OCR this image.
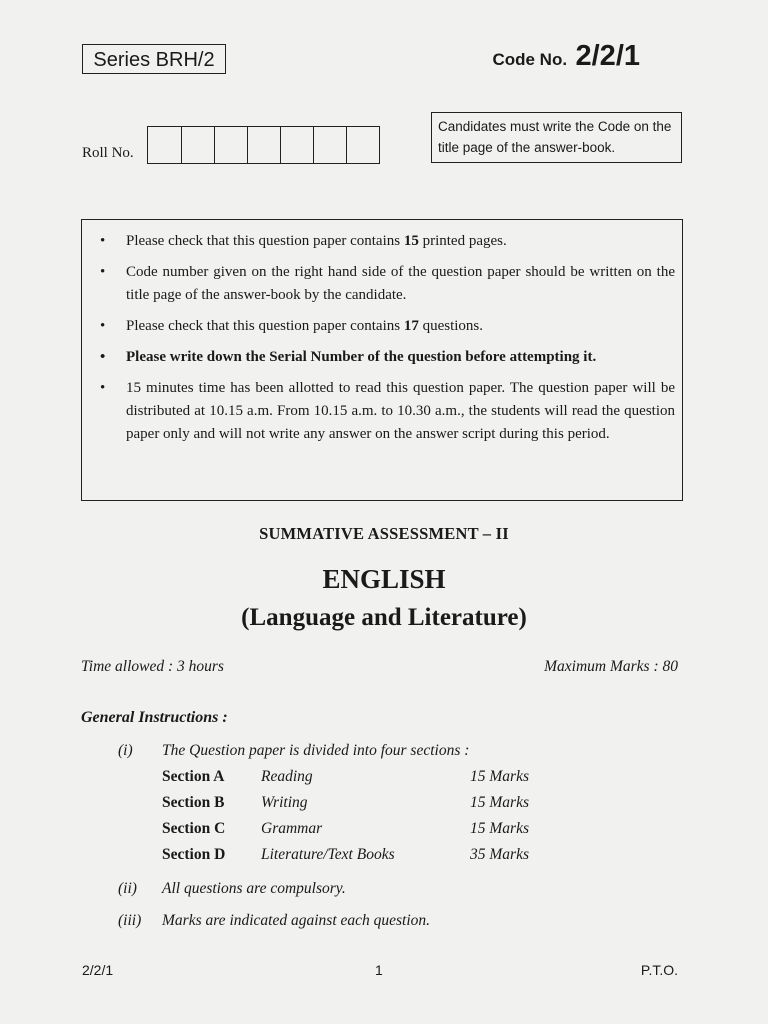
Series BRH/2	Code No. 2/2/1
Roll No.
Candidates must write the Code on the title page of the answer-book.
• Please check that this question paper contains 15 printed pages.
• Code number given on the right hand side of the question paper should be written on the title page of the answer-book by the candidate.
• Please check that this question paper contains 17 questions.
• Please write down the Serial Number of the question before attempting it.
• 15 minutes time has been allotted to read this question paper. The question paper will be distributed at 10.15 a.m. From 10.15 a.m. to 10.30 a.m., the students will read the question paper only and will not write any answer on the answer script during this period.
SUMMATIVE ASSESSMENT – II
ENGLISH
(Language and Literature)
Time allowed : 3 hours	Maximum Marks : 80
General Instructions :
(i) The Question paper is divided into four sections :
Section A Reading	15 Marks
Section B Writing	15 Marks
Section C Grammar	15 Marks
Section D Literature/Text Books	35 Marks
(ii) All questions are compulsory.
(iii) Marks are indicated against each question.
2/2/1	1	P.T.O.
